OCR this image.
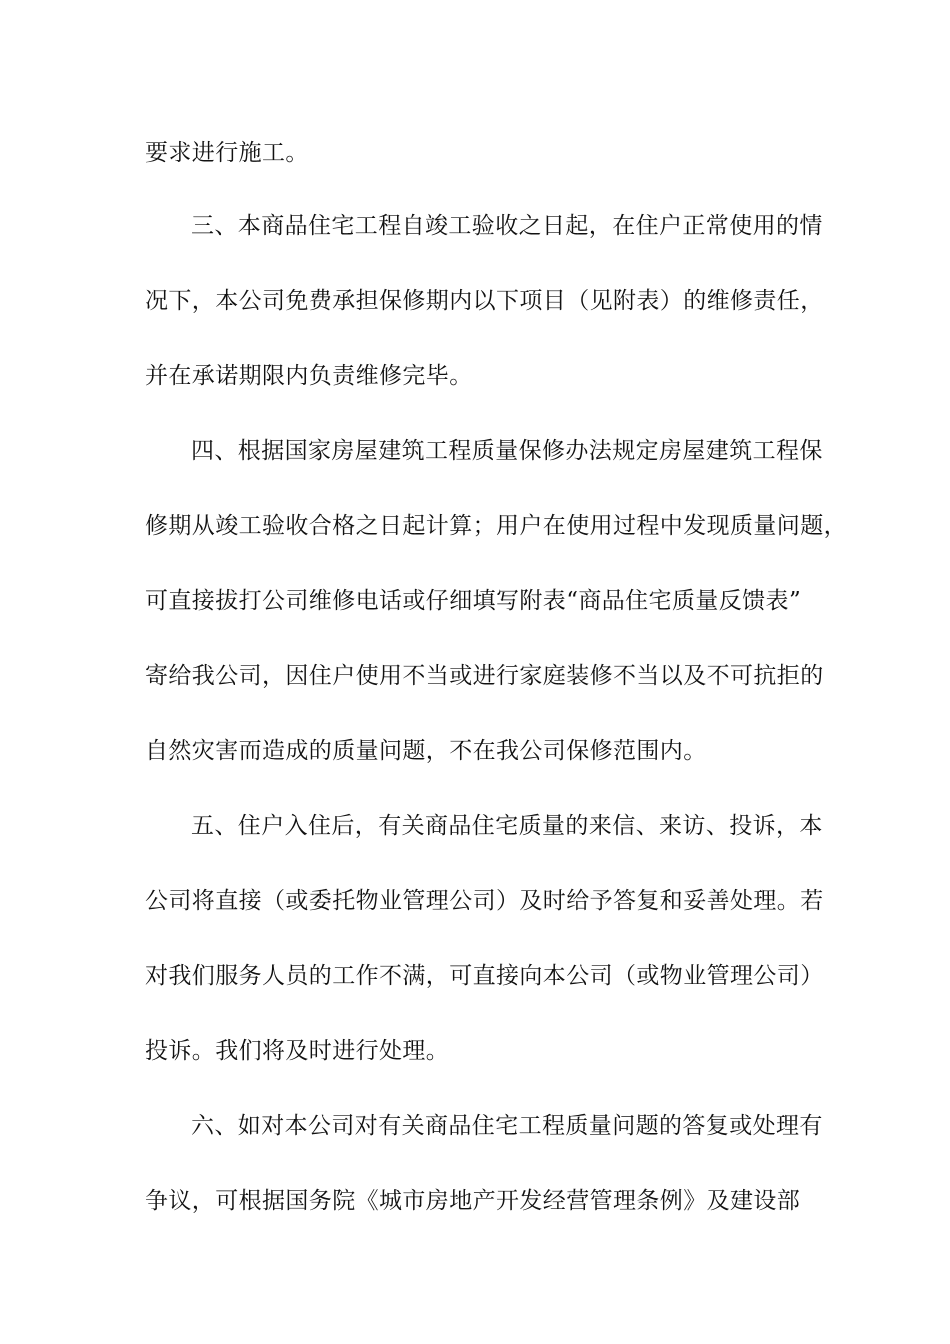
要求进行施工。
三、本商品住宅工程自竣工验收之日起，在住户正常使用的情
况下，本公司免费承担保修期内以下项目（见附表）的维修责任，
并在承诺期限内负责维修完毕。
四、根据国家房屋建筑工程质量保修办法规定房屋建筑工程保
修期从竣工验收合格之日起计算；用户在使用过程中发现质量问题，
可直接拔打公司维修电话或仔细填写附表“商品住宅质量反馈表”
寄给我公司，因住户使用不当或进行家庭装修不当以及不可抗拒的
自然灾害而造成的质量问题，不在我公司保修范围内。
五、住户入住后，有关商品住宅质量的来信、来访、投诉，本
公司将直接（或委托物业管理公司）及时给予答复和妥善处理。若
对我们服务人员的工作不满，可直接向本公司（或物业管理公司）
投诉。我们将及时进行处理。
六、如对本公司对有关商品住宅工程质量问题的答复或处理有
争议，可根据国务院《城市房地产开发经营管理条例》及建设部
